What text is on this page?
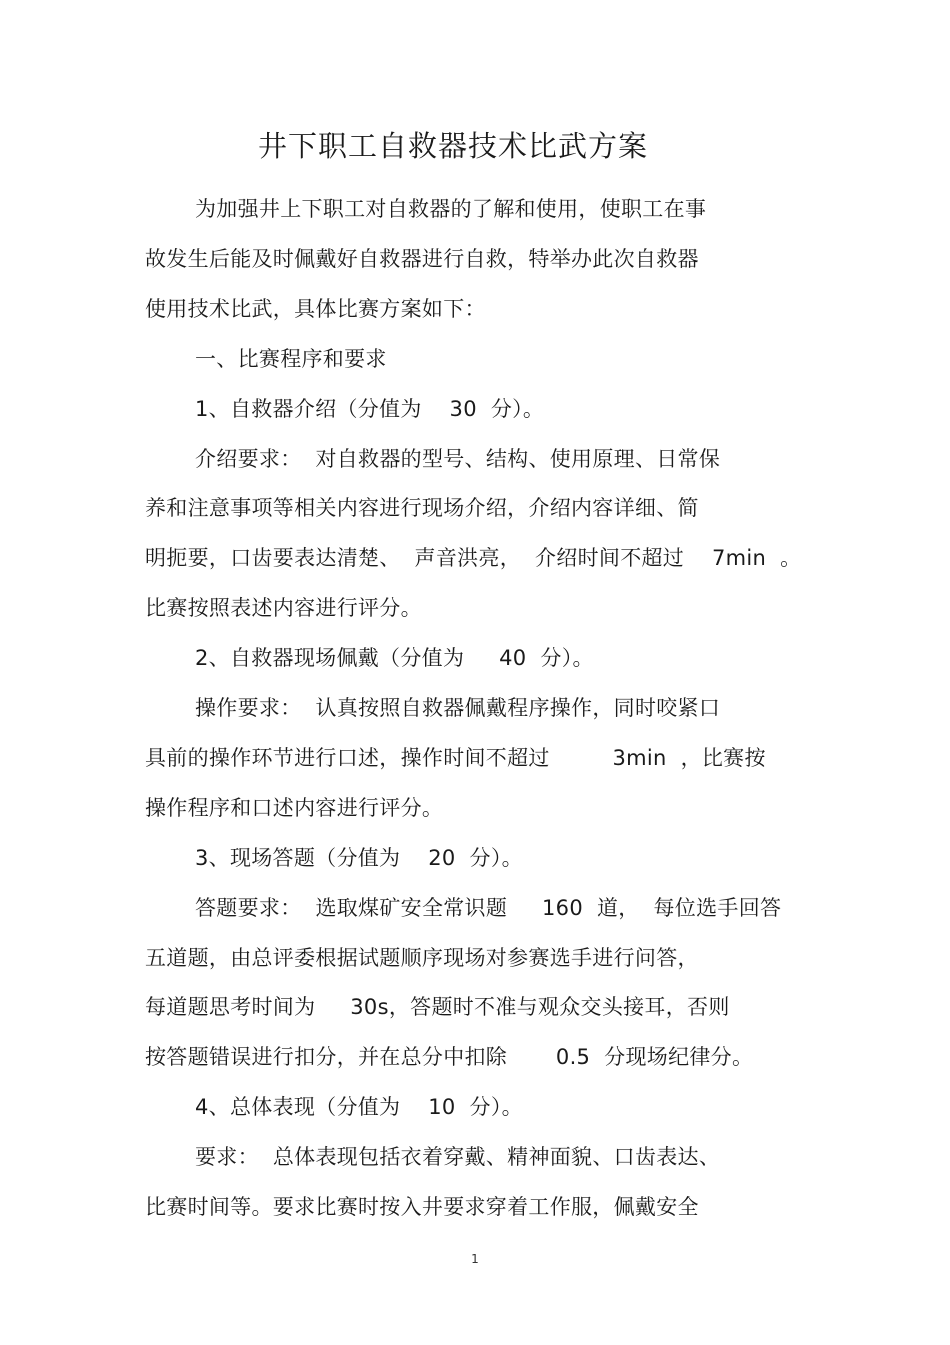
井下职工自救器技术比武方案
为加强井上下职工对自救器的了解和使用，使职工在事
故发生后能及时佩戴好自救器进行自救，特举办此次自救器
使用技术比武，具体比赛方案如下：
一、比赛程序和要求
1、自救器介绍（分值为    30  分）。
介绍要求：  对自救器的型号、结构、使用原理、日常保
养和注意事项等相关内容进行现场介绍，介绍内容详细、简
明扼要，口齿要表达清楚、  声音洪亮，  介绍时间不超过    7min  。
比赛按照表述内容进行评分。
2、自救器现场佩戴（分值为     40  分）。
操作要求：  认真按照自救器佩戴程序操作，同时咬紧口
具前的操作环节进行口述，操作时间不超过         3min  ，比赛按
操作程序和口述内容进行评分。
3、现场答题（分值为    20  分）。
答题要求：  选取煤矿安全常识题     160  道，  每位选手回答
五道题，由总评委根据试题顺序现场对参赛选手进行问答，
每道题思考时间为     30s，答题时不准与观众交头接耳，否则
按答题错误进行扣分，并在总分中扣除       0.5  分现场纪律分。
4、总体表现（分值为    10  分）。
要求：  总体表现包括衣着穿戴、精神面貌、口齿表达、
比赛时间等。要求比赛时按入井要求穿着工作服，佩戴安全
1
